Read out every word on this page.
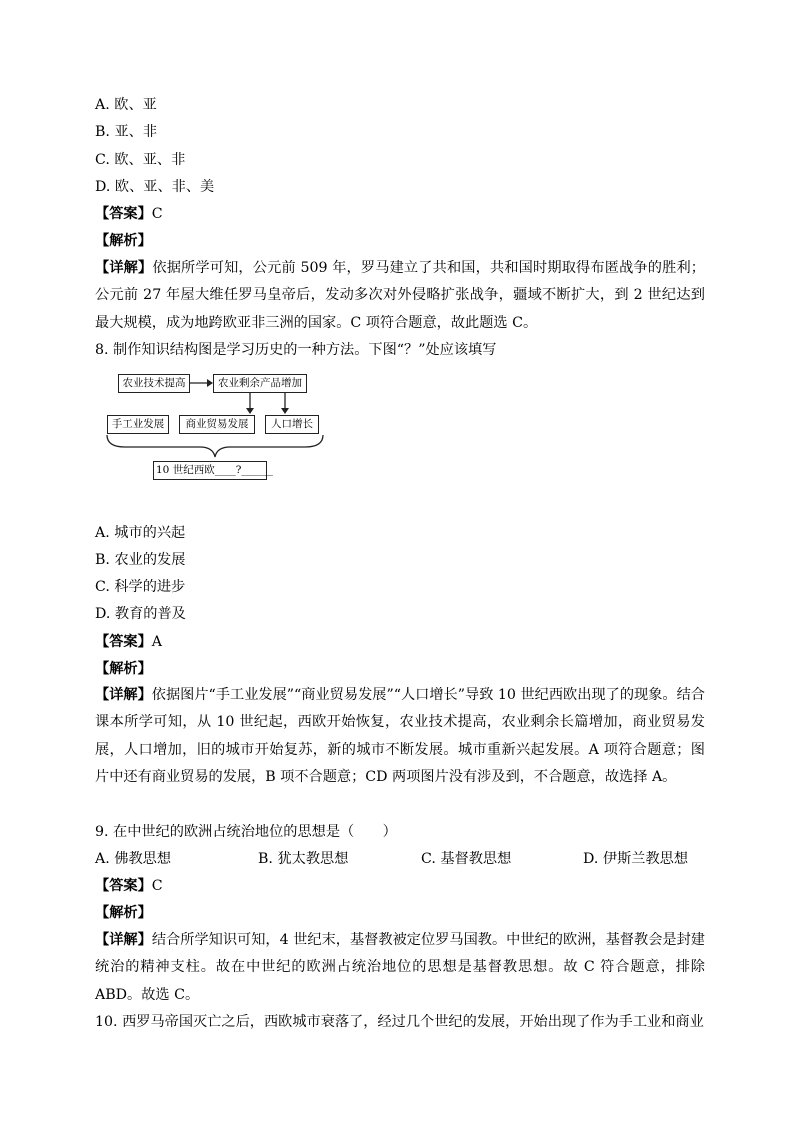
A. 欧、亚
B. 亚、非
C. 欧、亚、非
D. 欧、亚、非、美
【答案】C
【解析】
【详解】依据所学可知，公元前 509 年，罗马建立了共和国，共和国时期取得布匿战争的胜利；公元前 27 年屋大维任罗马皇帝后，发动多次对外侵略扩张战争，疆域不断扩大，到 2 世纪达到最大规模，成为地跨欧亚非三洲的国家。C 项符合题意，故此题选 C。
8. 制作知识结构图是学习历史的一种方法。下图“？”处应该填写
农业技术提高	农业剩余产品增加
手工业发展	商业贸易发展	人口增长
10 世纪西欧____?______
A. 城市的兴起
B. 农业的发展
C. 科学的进步
D. 教育的普及
【答案】A
【解析】
【详解】依据图片“手工业发展”“商业贸易发展”“人口增长”导致 10 世纪西欧出现了的现象。结合课本所学可知，从 10 世纪起，西欧开始恢复，农业技术提高，农业剩余长篇增加，商业贸易发展，人口增加，旧的城市开始复苏，新的城市不断发展。城市重新兴起发展。A 项符合题意；图片中还有商业贸易的发展，B 项不合题意；CD 两项图片没有涉及到，不合题意，故选择 A。
9. 在中世纪的欧洲占统治地位的思想是（　　）
A. 佛教思想	B. 犹太教思想	C. 基督教思想	D. 伊斯兰教思想
【答案】C
【解析】
【详解】结合所学知识可知，4 世纪末，基督教被定位罗马国教。中世纪的欧洲，基督教会是封建统治的精神支柱。故在中世纪的欧洲占统治地位的思想是基督教思想。故 C 符合题意，排除 ABD。故选 C。
10. 西罗马帝国灭亡之后，西欧城市衰落了，经过几个世纪的发展，开始出现了作为手工业和商业
